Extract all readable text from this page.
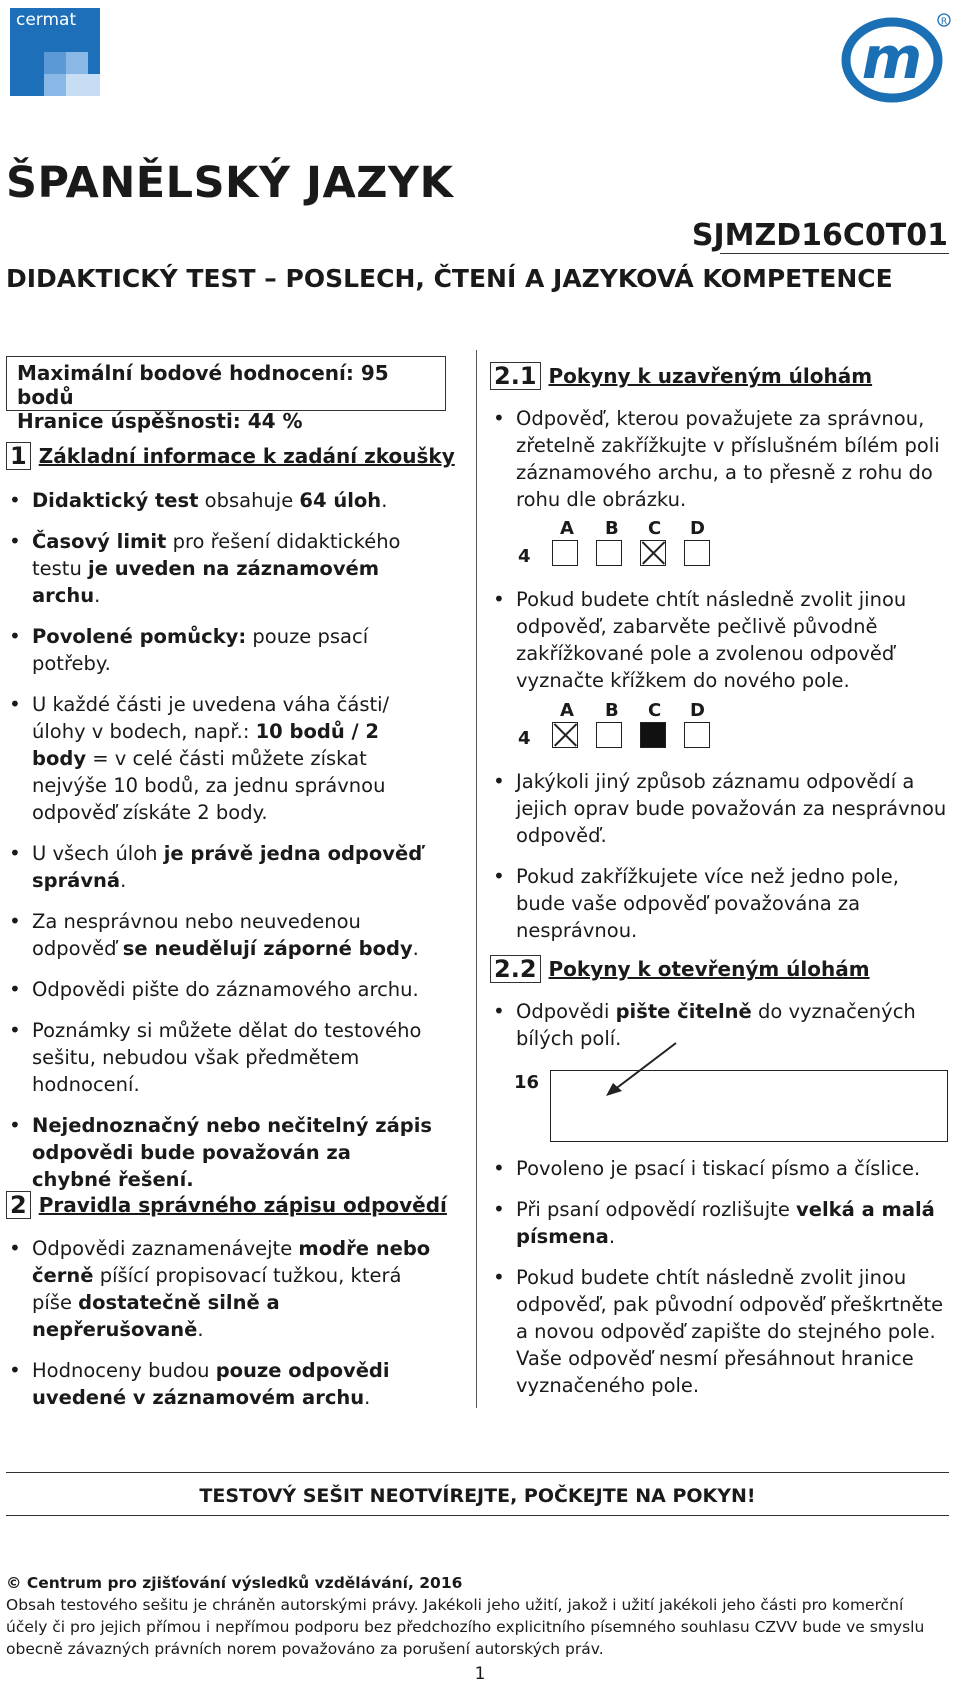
cermat
m
R
ŠPANĚLSKÝ JAZYK
SJMZD16C0T01
DIDAKTICKÝ TEST – POSLECH, ČTENÍ A JAZYKOVÁ KOMPETENCE
Maximální bodové hodnocení: 95 bodů
Hranice úspěšnosti: 44 %
1 Základní informace k zadání zkoušky
• Didaktický test obsahuje 64 úloh.
• Časový limit pro řešení didaktického testu je uveden na záznamovém archu.
• Povolené pomůcky: pouze psací potřeby.
• U každé části je uvedena váha části/úlohy v bodech, např.: 10 bodů / 2 body = v celé části můžete získat nejvýše 10 bodů, za jednu správnou odpověď získáte 2 body.
• U všech úloh je právě jedna odpověď správná.
• Za nesprávnou nebo neuvedenou odpověď se neudělují záporné body.
• Odpovědi pište do záznamového archu.
• Poznámky si můžete dělat do testového sešitu, nebudou však předmětem hodnocení.
• Nejednoznačný nebo nečitelný zápis odpovědi bude považován za chybné řešení.
2 Pravidla správného zápisu odpovědí
• Odpovědi zaznamenávejte modře nebo černě píšící propisovací tužkou, která píše dostatečně silně a nepřerušovaně.
• Hodnoceny budou pouze odpovědi uvedené v záznamovém archu.
2.1 Pokyny k uzavřeným úlohám
• Odpověď, kterou považujete za správnou, zřetelně zakřížkujte v příslušném bílém poli záznamového archu, a to přesně z rohu do rohu dle obrázku.
A B C D
4
• Pokud budete chtít následně zvolit jinou odpověď, zabarvěte pečlivě původně zakřížkované pole a zvolenou odpověď vyznačte křížkem do nového pole.
A B C D
4
• Jakýkoli jiný způsob záznamu odpovědí a jejich oprav bude považován za nesprávnou odpověď.
• Pokud zakřížkujete více než jedno pole, bude vaše odpověď považována za nesprávnou.
2.2 Pokyny k otevřeným úlohám
• Odpovědi pište čitelně do vyznačených bílých polí.
16
• Povoleno je psací i tiskací písmo a číslice.
• Při psaní odpovědí rozlišujte velká a malá písmena.
• Pokud budete chtít následně zvolit jinou odpověď, pak původní odpověď přeškrtněte a novou odpověď zapište do stejného pole. Vaše odpověď nesmí přesáhnout hranice vyznačeného pole.
TESTOVÝ SEŠIT NEOTVÍREJTE, POČKEJTE NA POKYN!
© Centrum pro zjišťování výsledků vzdělávání, 2016
Obsah testového sešitu je chráněn autorskými právy. Jakékoli jeho užití, jakož i užití jakékoli jeho části pro komerční účely či pro jejich přímou i nepřímou podporu bez předchozího explicitního písemného souhlasu CZVV bude ve smyslu obecně závazných právních norem považováno za porušení autorských práv.
1
